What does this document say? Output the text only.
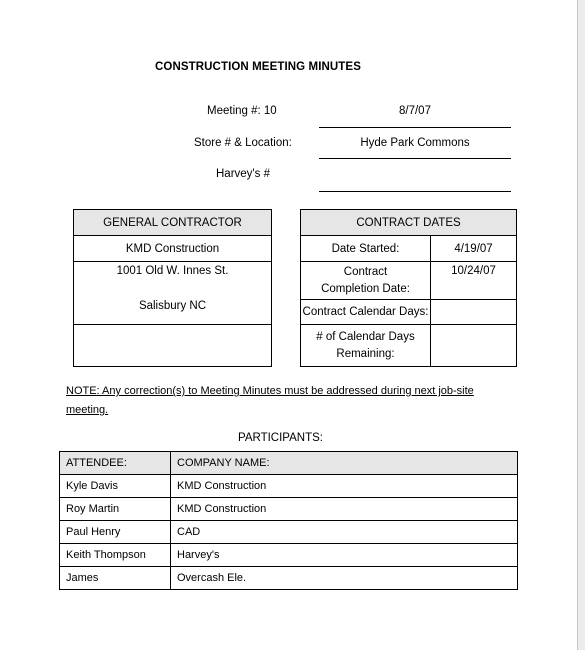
CONSTRUCTION MEETING MINUTES
Meeting #: 10	8/7/07
Store # & Location:	Hyde Park Commons
Harvey's #
GENERAL CONTRACTOR
KMD Construction

1001 Old W. Innes St.
Salisbury NC

CONTRACT DATES	
Date Started:	4/19/07
Contract Completion Date:	10/24/07
Contract Calendar Days:	
# of Calendar Days Remaining:	
NOTE: Any correction(s) to Meeting Minutes must be addressed during next job-site
meeting.
PARTICIPANTS:
ATTENDEE:	COMPANY NAME:
Kyle Davis	KMD Construction
Roy Martin	KMD Construction
Paul Henry	CAD
Keith Thompson	Harvey's
James	Overcash Ele.
